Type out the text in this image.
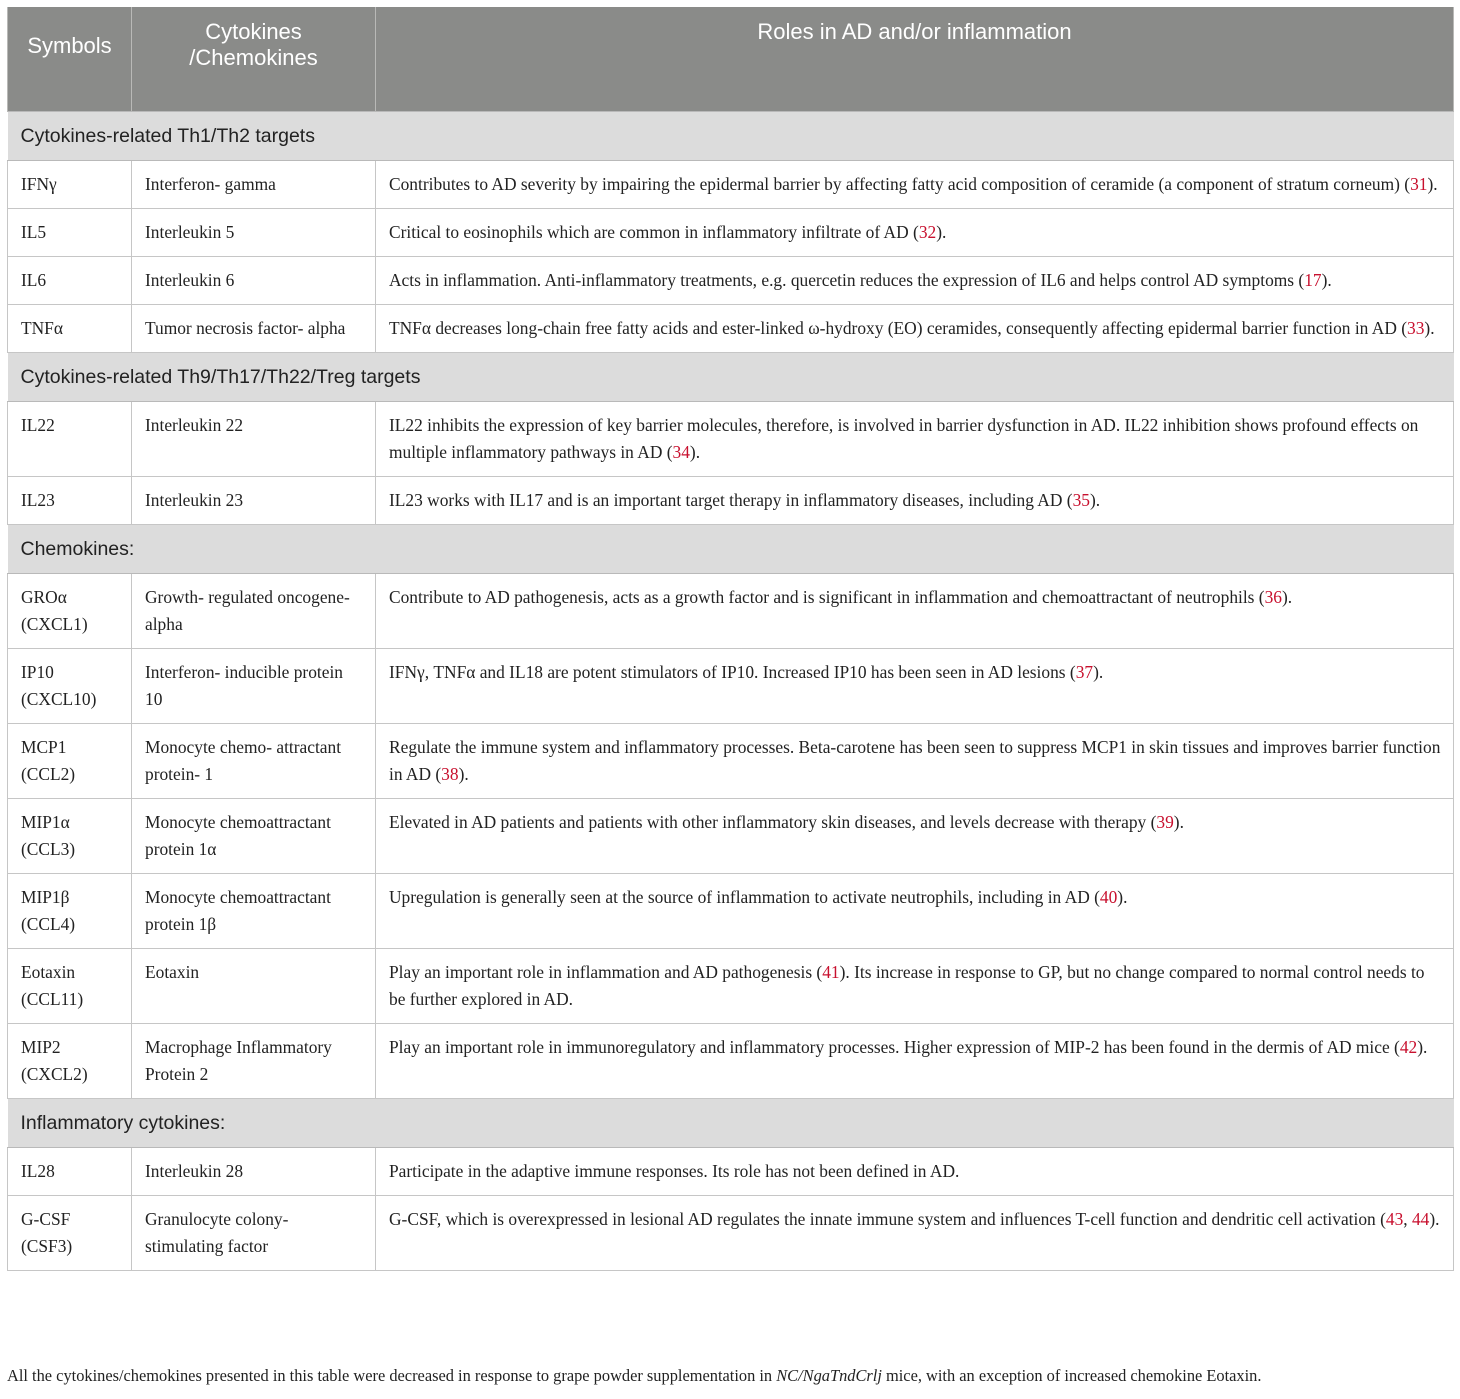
Symbols	Cytokines /Chemokines	Roles in AD and/or inflammation
Cytokines-related Th1/Th2 targets		
IFNγ	Interferon- gamma	Contributes to AD severity by impairing the epidermal barrier by affecting fatty acid composition of ceramide (a component of stratum corneum) (31).
IL5	Interleukin 5	Critical to eosinophils which are common in inflammatory infiltrate of AD (32).
IL6	Interleukin 6	Acts in inflammation. Anti-inflammatory treatments, e.g. quercetin reduces the expression of IL6 and helps control AD symptoms (17).
TNFα	Tumor necrosis factor- alpha	TNFα decreases long-chain free fatty acids and ester-linked ω-hydroxy (EO) ceramides, consequently affecting epidermal barrier function in AD (33).
Cytokines-related Th9/Th17/Th22/Treg targets		
IL22	Interleukin 22	IL22 inhibits the expression of key barrier molecules, therefore, is involved in barrier dysfunction in AD. IL22 inhibition shows profound effects on multiple inflammatory pathways in AD (34).
IL23	Interleukin 23	IL23 works with IL17 and is an important target therapy in inflammatory diseases, including AD (35).
Chemokines:		
GROα (CXCL1)	Growth- regulated oncogene- alpha	Contribute to AD pathogenesis, acts as a growth factor and is significant in inflammation and chemoattractant of neutrophils (36).
IP10 (CXCL10)	Interferon- inducible protein 10	IFNγ, TNFα and IL18 are potent stimulators of IP10. Increased IP10 has been seen in AD lesions (37).
MCP1 (CCL2)	Monocyte chemo- attractant protein- 1	Regulate the immune system and inflammatory processes. Beta-carotene has been seen to suppress MCP1 in skin tissues and improves barrier function in AD (38).
MIP1α (CCL3)	Monocyte chemoattractant protein 1α	Elevated in AD patients and patients with other inflammatory skin diseases, and levels decrease with therapy (39).
MIP1β (CCL4)	Monocyte chemoattractant protein 1β	Upregulation is generally seen at the source of inflammation to activate neutrophils, including in AD (40).
Eotaxin (CCL11)	Eotaxin	Play an important role in inflammation and AD pathogenesis (41). Its increase in response to GP, but no change compared to normal control needs to be further explored in AD.
MIP2 (CXCL2)	Macrophage Inflammatory Protein 2	Play an important role in immunoregulatory and inflammatory processes. Higher expression of MIP-2 has been found in the dermis of AD mice (42).
Inflammatory cytokines:		
IL28	Interleukin 28	Participate in the adaptive immune responses. Its role has not been defined in AD.
G-CSF (CSF3)	Granulocyte colony- stimulating factor	G-CSF, which is overexpressed in lesional AD regulates the innate immune system and influences T-cell function and dendritic cell activation (43, 44).
All the cytokines/chemokines presented in this table were decreased in response to grape powder supplementation in NC/NgaTndCrlj mice, with an exception of increased chemokine Eotaxin.
